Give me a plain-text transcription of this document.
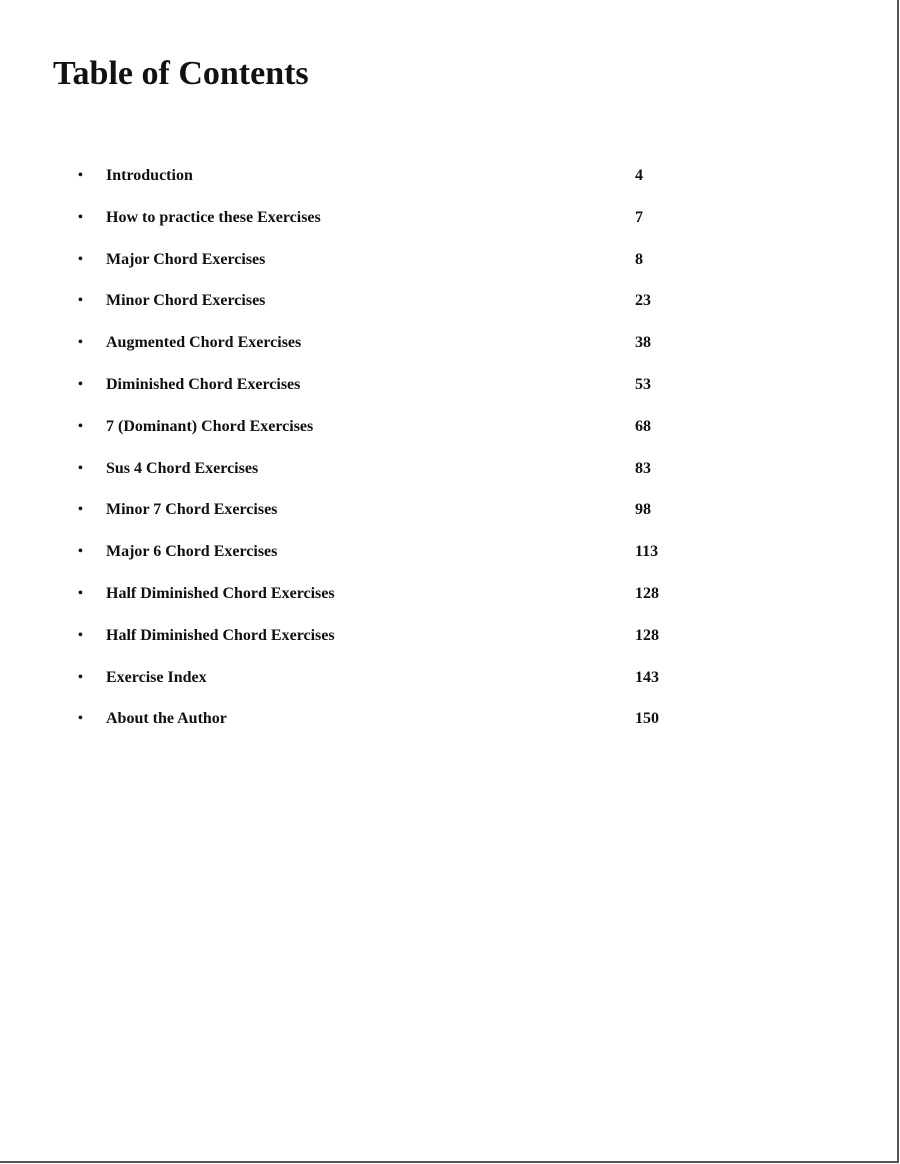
Table of Contents
• Introduction	4
• How to practice these Exercises	7
• Major Chord Exercises	8
• Minor Chord Exercises	23
• Augmented Chord Exercises	38
• Diminished Chord Exercises	53
• 7 (Dominant) Chord Exercises	68
• Sus 4 Chord Exercises	83
• Minor 7 Chord Exercises	98
• Major 6 Chord Exercises	113
• Half Diminished Chord Exercises	128
• Half Diminished Chord Exercises	128
• Exercise Index	143
• About the Author	150
